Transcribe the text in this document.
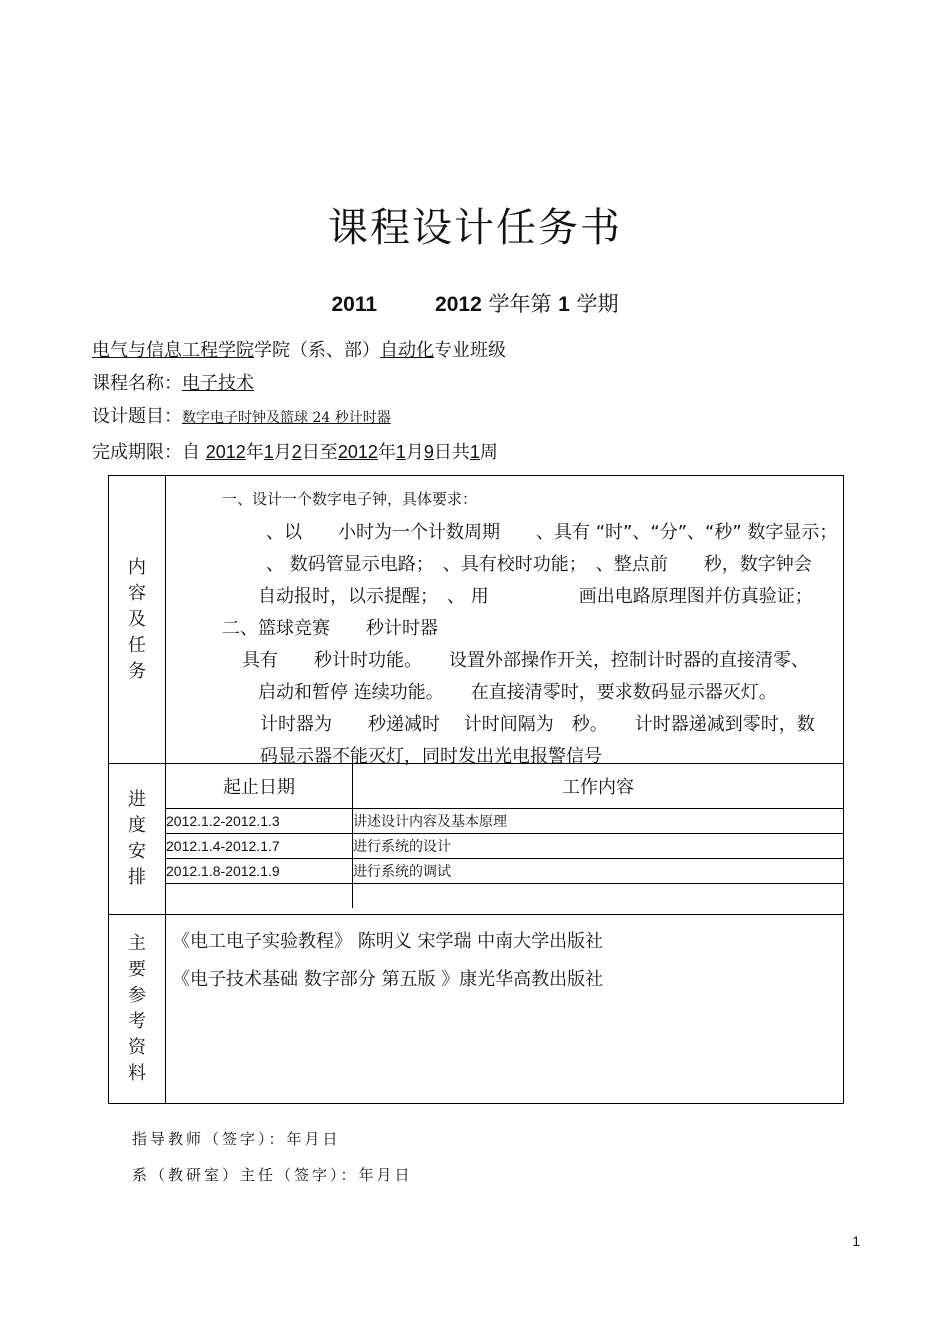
课程设计任务书
2011	2012 学年第 1 学期
电气与信息工程学院学院（系、部）自动化专业班级
课程名称：电子技术
设计题目：数字电子时钟及篮球 24 秒计时器
完成期限：自 2012年1月2日至2012年1月9日共1周
内
容
及
任
务

一、设计一个数字电子钟，具体要求：
、以　　小时为一个计数周期　　、具有 “时”、“分”、“秒” 数字显示；
、 数码管显示电路；　、具有校时功能；　、整点前　　秒，数字钟会
自动报时，以示提醒；　、 用　　　　　画出电路原理图并仿真验证；
二、篮球竞赛　　秒计时器
具有　　秒计时功能。　　设置外部操作开关，控制计时器的直接清零、
启动和暂停 连续功能。　　在直接清零时，要求数码显示器灭灯。
计时器为　　秒递减时　 计时间隔为　秒。　　计时器递减到零时，数
码显示器不能灭灯，同时发出光电报警信号

进
度
安
排

起止日期	工作内容
2012.1.2-2012.1.3	讲述设计内容及基本原理
2012.1.4-2012.1.7	进行系统的设计
2012.1.8-2012.1.9	进行系统的调试

主
要
参
考
资
料

《电工电子实验教程》 陈明义 宋学瑞 中南大学出版社
《电子技术基础 数字部分 第五版 》康光华高教出版社
指导教师（签字）：年月日
系（教研室）主任（签字）：年月日
1
